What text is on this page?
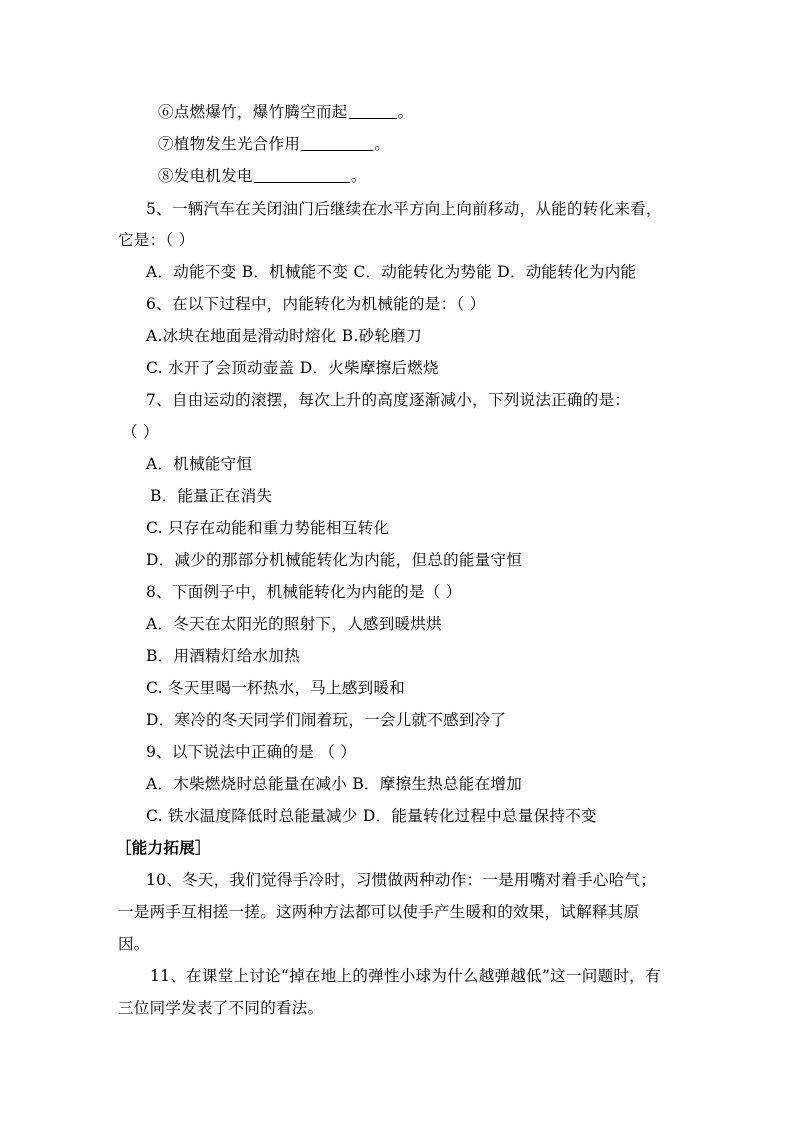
⑥点燃爆竹，爆竹腾空而起	。
⑦植物发生光合作用	。
⑧发电机发电	。
5、一辆汽车在关闭油门后继续在水平方向上向前移动，从能的转化来看，
它是：（ ）
A．动能不变 B．机械能不变 C．动能转化为势能 D．动能转化为内能
6、在以下过程中，内能转化为机械能的是：（ ）
A.冰块在地面是滑动时熔化 B.砂轮磨刀
C. 水开了会顶动壶盖 D．火柴摩擦后燃烧
7、自由运动的滚摆，每次上升的高度逐渐减小，下列说法正确的是：
（ ）
A．机械能守恒
B．能量正在消失
C. 只存在动能和重力势能相互转化
D．减少的那部分机械能转化为内能，但总的能量守恒
8、下面例子中，机械能转化为内能的是（ ）
A．冬天在太阳光的照射下，人感到暖烘烘
B．用酒精灯给水加热
C. 冬天里喝一杯热水，马上感到暖和
D．寒冷的冬天同学们闹着玩，一会儿就不感到冷了
9、以下说法中正确的是 （ ）
A．木柴燃烧时总能量在减小 B．摩擦生热总能在增加
C. 铁水温度降低时总能量减少 D．能量转化过程中总量保持不变
［能力拓展］
10、冬天，我们觉得手冷时，习惯做两种动作：一是用嘴对着手心哈气；
一是两手互相搓一搓。这两种方法都可以使手产生暖和的效果，试解释其原
因。
11、在课堂上讨论“掉在地上的弹性小球为什么越弹越低”这一问题时，有
三位同学发表了不同的看法。
